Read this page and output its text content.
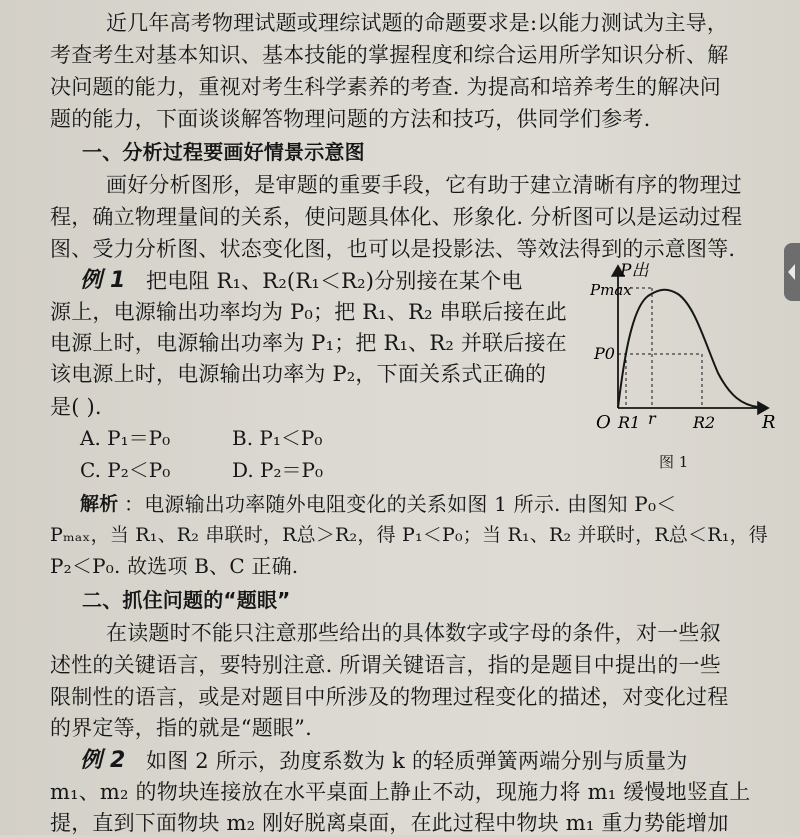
近几年高考物理试题或理综试题的命题要求是:以能力测试为主导，
考查考生对基本知识、基本技能的掌握程度和综合运用所学知识分析、解
决问题的能力，重视对考生科学素养的考查. 为提高和培养考生的解决问
题的能力，下面谈谈解答物理问题的方法和技巧，供同学们参考.
一、分析过程要画好情景示意图
画好分析图形，是审题的重要手段，它有助于建立清晰有序的物理过
程，确立物理量间的关系，使问题具体化、形象化. 分析图可以是运动过程
图、受力分析图、状态变化图，也可以是投影法、等效法得到的示意图等.
例 1 把电阻 R₁、R₂(R₁＜R₂)分别接在某个电
源上，电源输出功率均为 P₀；把 R₁、R₂ 串联后接在此
电源上时，电源输出功率为 P₁；把 R₁、R₂ 并联后接在
该电源上时，电源输出功率为 P₂，下面关系式正确的
是( ).
A. P₁＝P₀	B. P₁＜P₀
C. P₂＜P₀	D. P₂＝P₀
P出
Pmax
P0
O R1 r R2	R
图 1
解析 ：电源输出功率随外电阻变化的关系如图 1 所示. 由图知 P₀＜
Pₘₐₓ，当 R₁、R₂ 串联时，R总＞R₂，得 P₁＜P₀；当 R₁、R₂ 并联时，R总＜R₁，得
P₂＜P₀. 故选项 B、C 正确.
二、抓住问题的“题眼”
在读题时不能只注意那些给出的具体数字或字母的条件，对一些叙
述性的关键语言，要特别注意. 所谓关键语言，指的是题目中提出的一些
限制性的语言，或是对题目中所涉及的物理过程变化的描述，对变化过程
的界定等，指的就是“题眼”.
例 2 如图 2 所示，劲度系数为 k 的轻质弹簧两端分别与质量为
m₁、m₂ 的物块连接放在水平桌面上静止不动，现施力将 m₁ 缓慢地竖直上
提，直到下面物块 m₂ 刚好脱离桌面，在此过程中物块 m₁ 重力势能增加
